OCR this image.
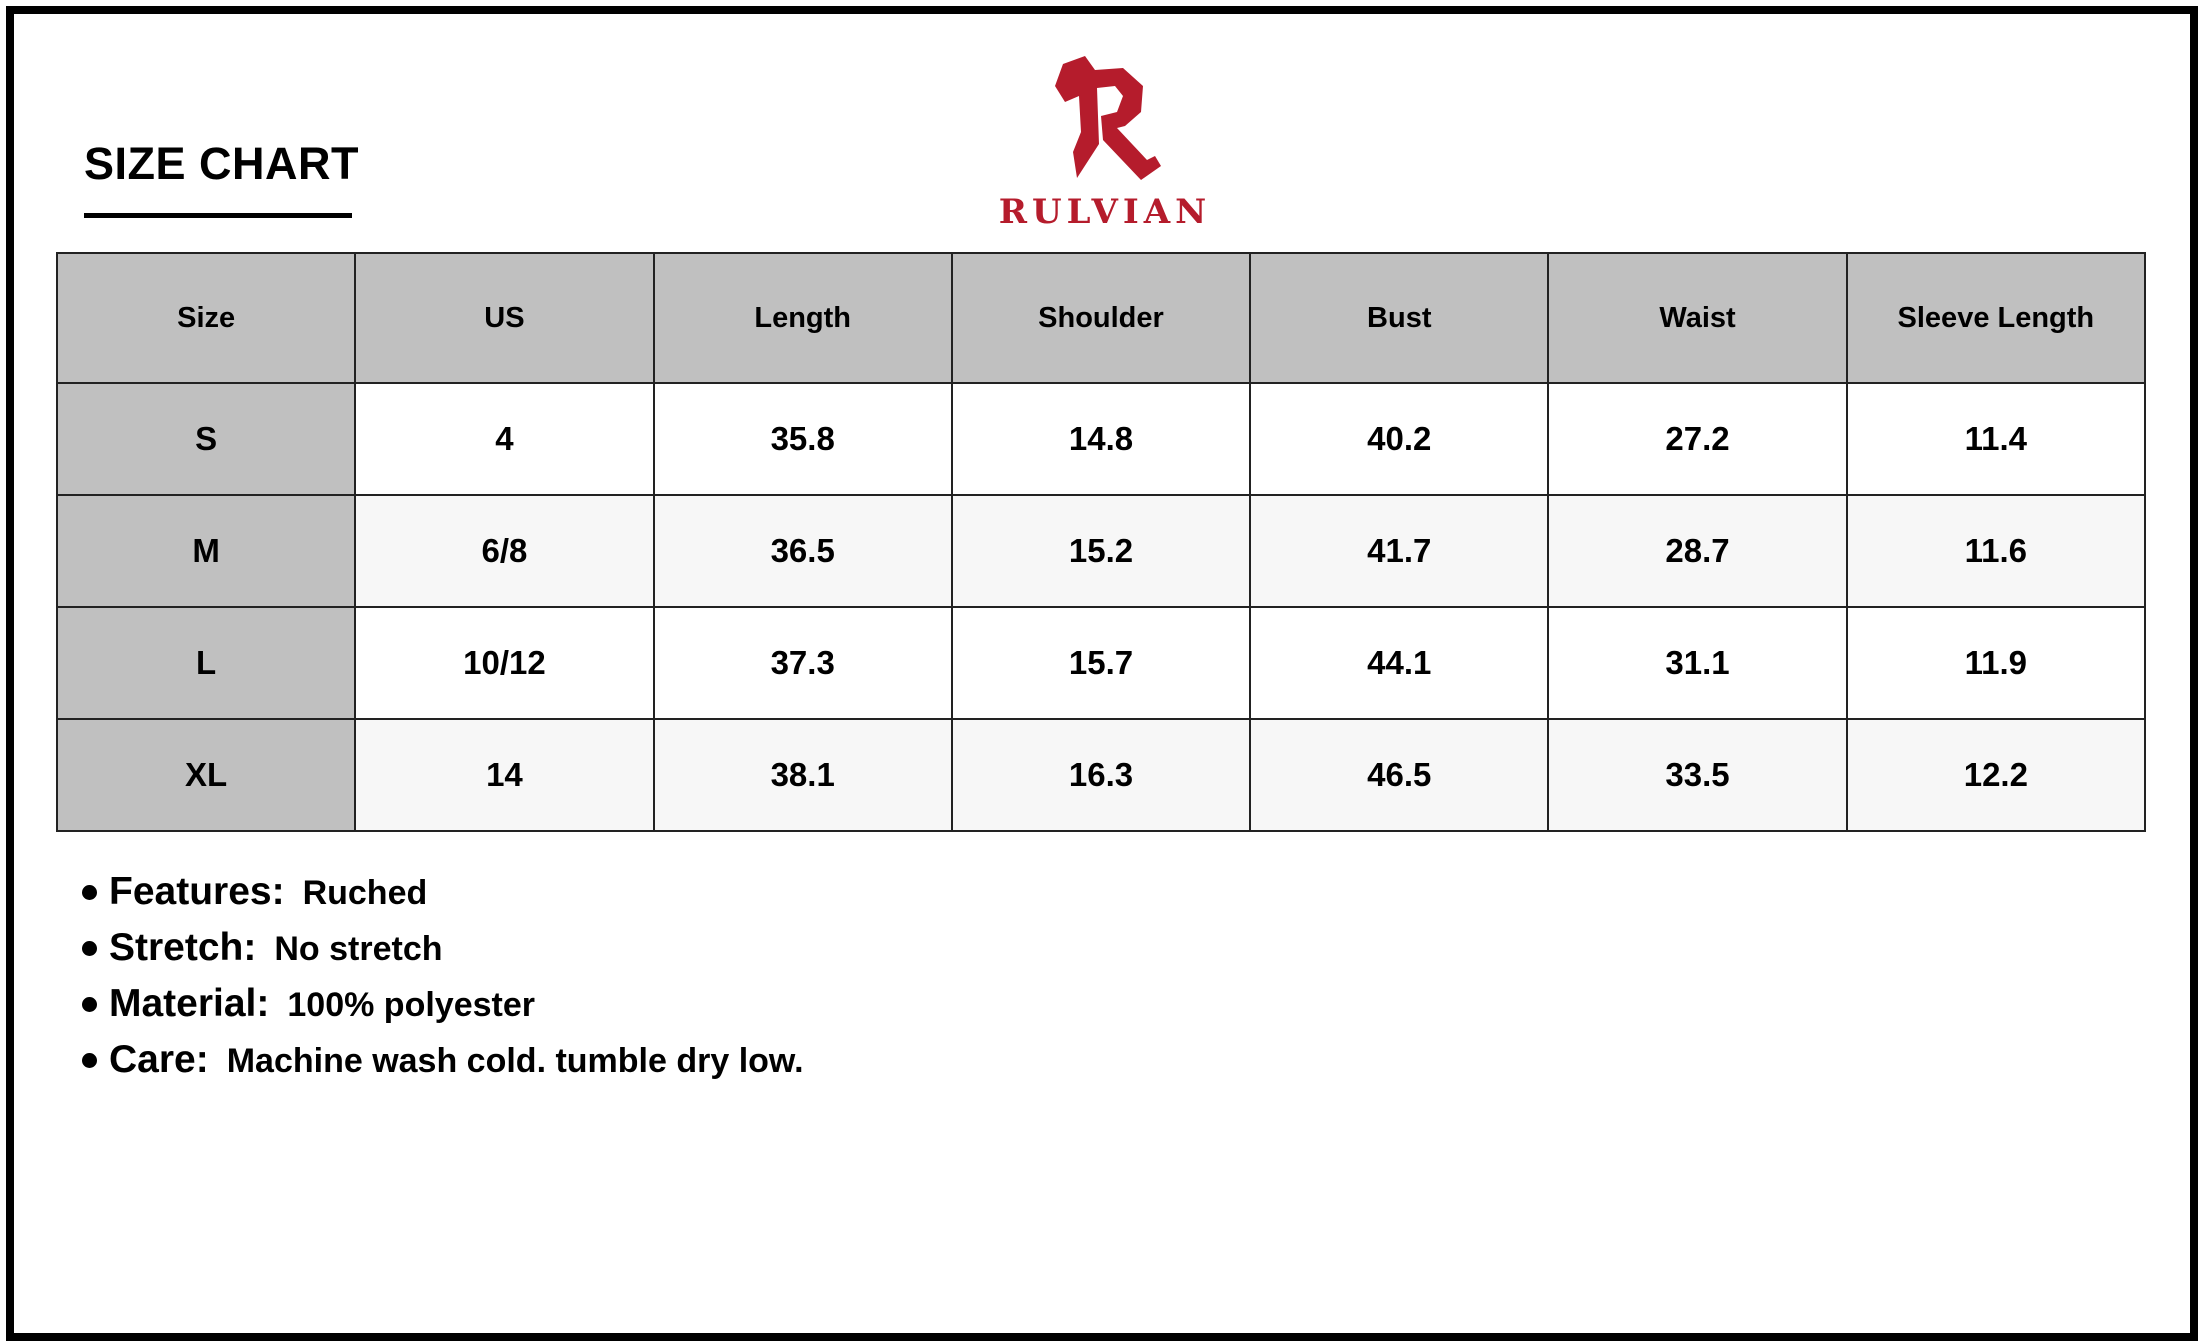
SIZE CHART
RULVIAN
Size	US	Length	Shoulder	Bust	Waist	Sleeve Length
S	4	35.8	14.8	40.2	27.2	11.4
M	6/8	36.5	15.2	41.7	28.7	11.6
L	10/12	37.3	15.7	44.1	31.1	11.9
XL	14	38.1	16.3	46.5	33.5	12.2
Features: Ruched
Stretch: No stretch
Material: 100% polyester
Care: Machine wash cold. tumble dry low.
